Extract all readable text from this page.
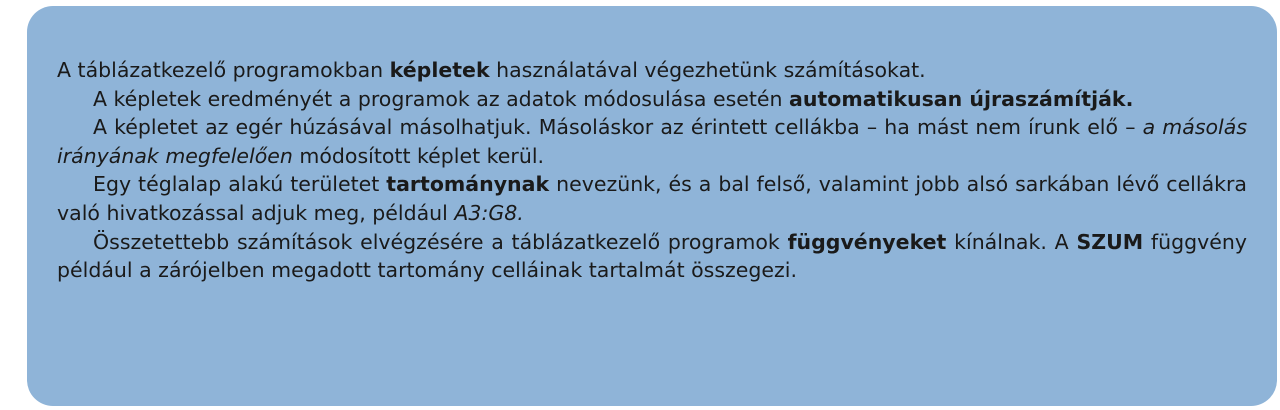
A táblázatkezelő programokban képletek használatával végezhetünk számításokat.

A képletek eredményét a programok az adatok módosulása esetén automatikusan újraszámítják.

A képletet az egér húzásával másolhatjuk. Másoláskor az érintett cellákba – ha mást nem írunk elő – a másolás irányának megfelelően módosított képlet kerül.

Egy téglalap alakú területet tartománynak nevezünk, és a bal felső, valamint jobb alsó sarkában lévő cellákra való hivatkozással adjuk meg, például A3:G8.

Összetettebb számítások elvégzésére a táblázatkezelő programok függvényeket kínálnak. A SZUM függvény például a zárójelben megadott tartomány celláinak tartalmát összegezi.
